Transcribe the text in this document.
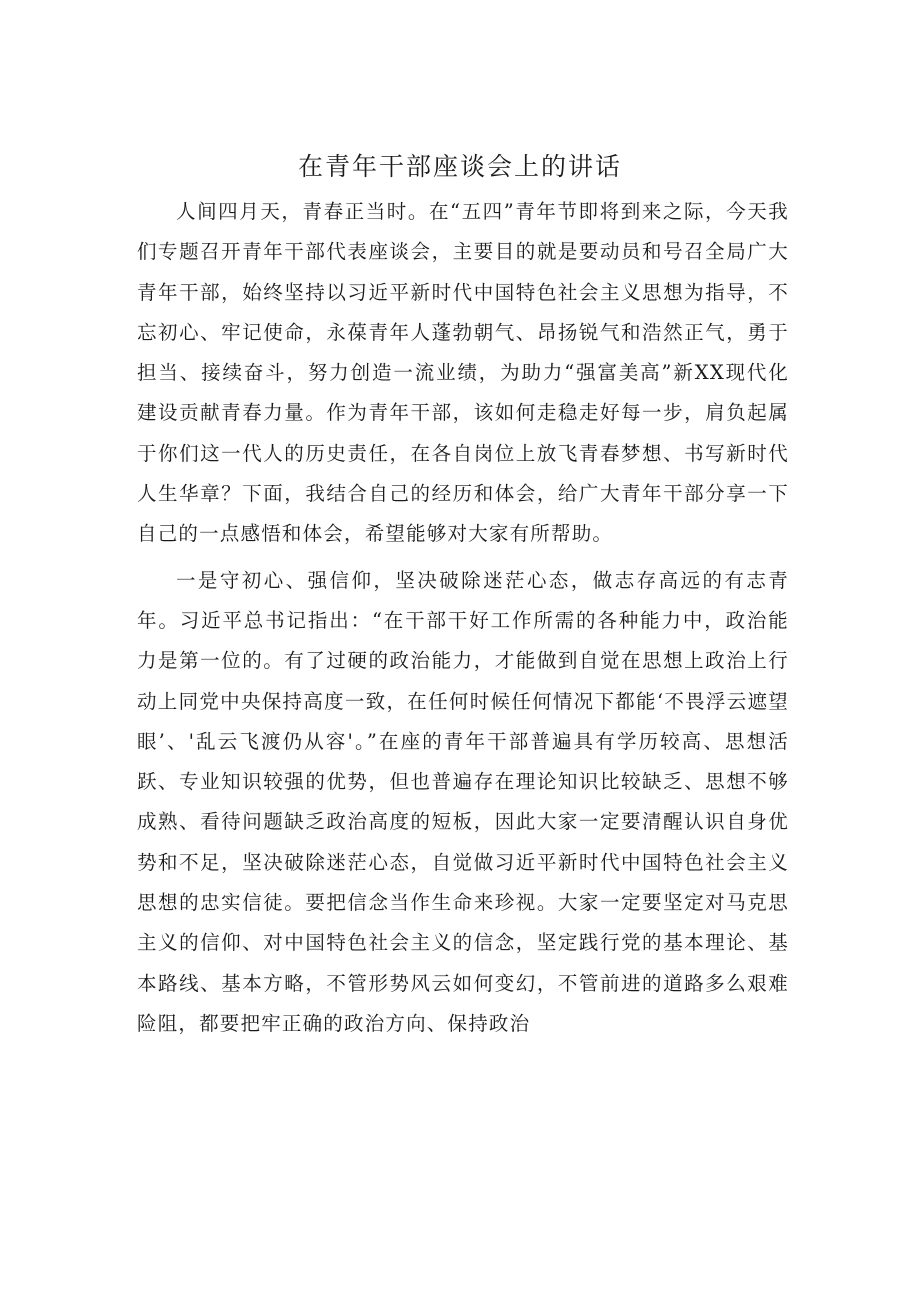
在青年干部座谈会上的讲话

人间四月天，青春正当时。在“五四”青年节即将到来之际，今天我们专题召开青年干部代表座谈会，主要目的就是要动员和号召全局广大青年干部，始终坚持以习近平新时代中国特色社会主义思想为指导，不忘初心、牢记使命，永葆青年人蓬勃朝气、昂扬锐气和浩然正气，勇于担当、接续奋斗，努力创造一流业绩，为助力“强富美高”新XX现代化建设贡献青春力量。作为青年干部，该如何走稳走好每一步，肩负起属于你们这一代人的历史责任，在各自岗位上放飞青春梦想、书写新时代人生华章？下面，我结合自己的经历和体会，给广大青年干部分享一下自己的一点感悟和体会，希望能够对大家有所帮助。

一是守初心、强信仰，坚决破除迷茫心态，做志存高远的有志青年。习近平总书记指出：“在干部干好工作所需的各种能力中，政治能力是第一位的。有了过硬的政治能力，才能做到自觉在思想上政治上行动上同党中央保持高度一致，在任何时候任何情况下都能‘不畏浮云遮望眼’、'乱云飞渡仍从容'。”在座的青年干部普遍具有学历较高、思想活跃、专业知识较强的优势，但也普遍存在理论知识比较缺乏、思想不够成熟、看待问题缺乏政治高度的短板，因此大家一定要清醒认识自身优势和不足，坚决破除迷茫心态，自觉做习近平新时代中国特色社会主义思想的忠实信徒。要把信念当作生命来珍视。大家一定要坚定对马克思主义的信仰、对中国特色社会主义的信念，坚定践行党的基本理论、基本路线、基本方略，不管形势风云如何变幻，不管前进的道路多么艰难险阻，都要把牢正确的政治方向、保持政治
